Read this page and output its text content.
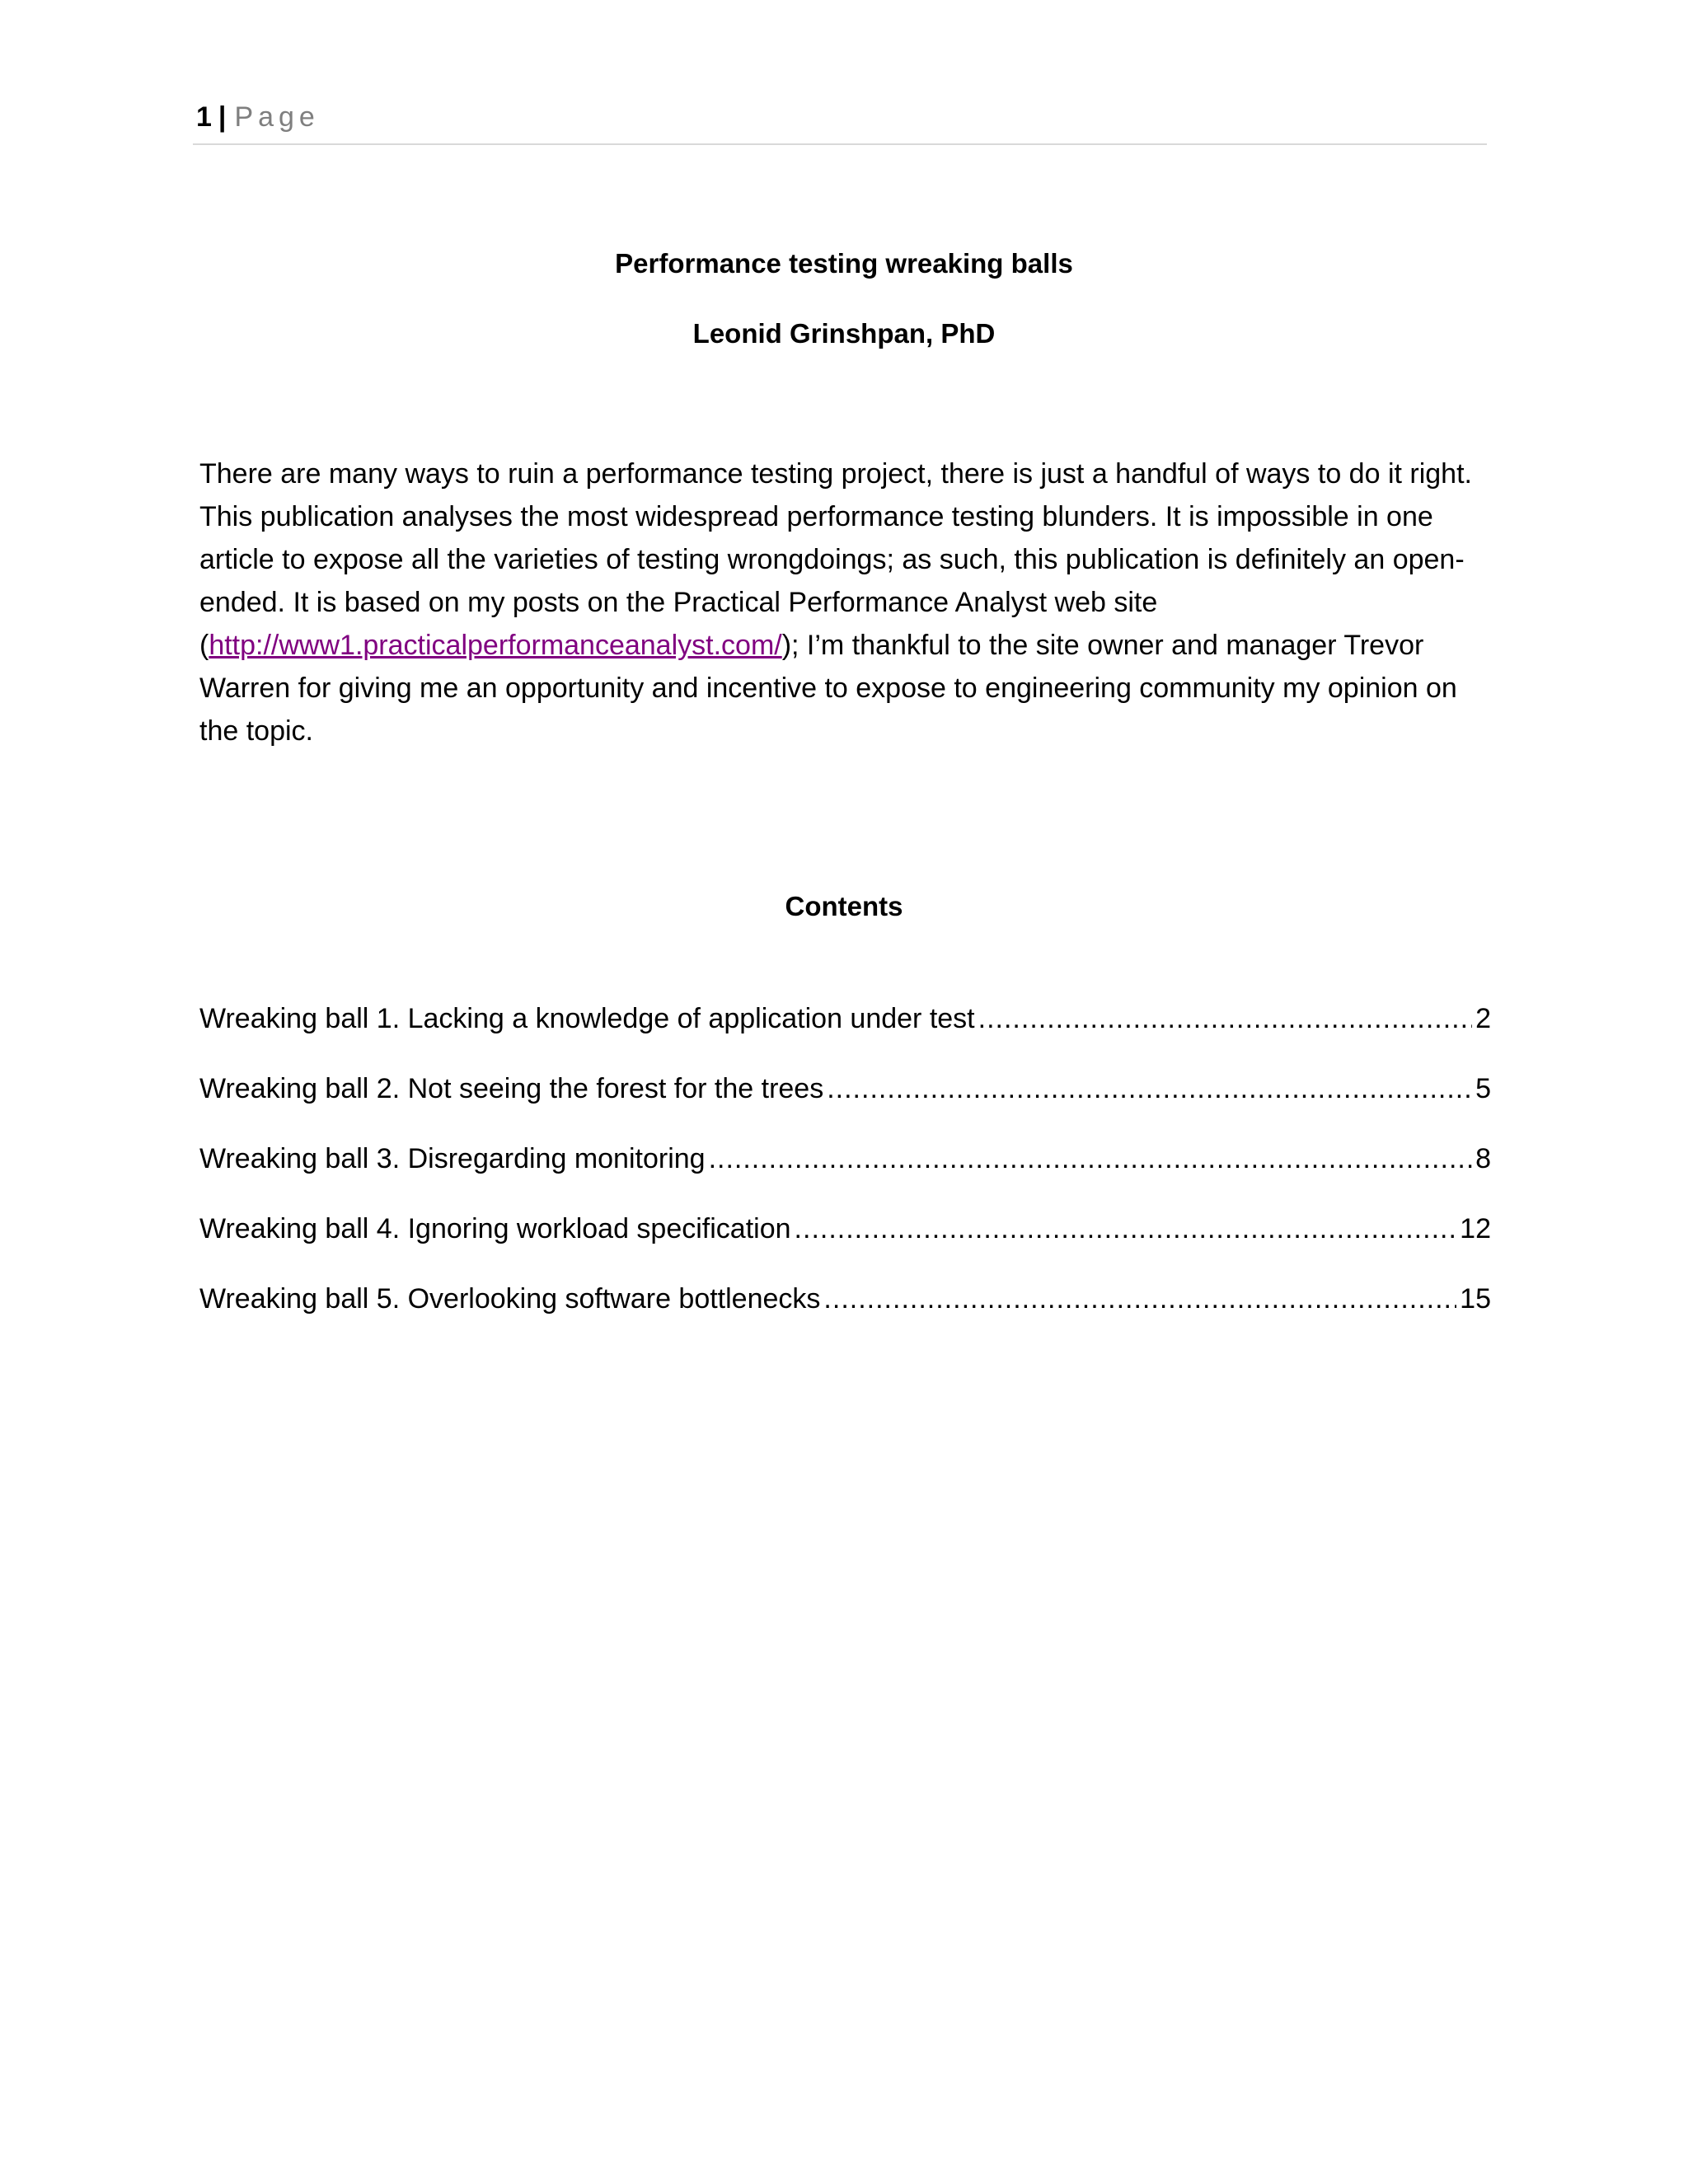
1 | Page
Performance testing wreaking balls
Leonid Grinshpan, PhD

There are many ways to ruin a performance testing project, there is just a handful of ways to do it right.
This publication analyses the most widespread performance testing blunders. It is impossible in one
article to expose all the varieties of testing wrongdoings; as such, this publication is definitely an open-
ended. It is based on my posts on the Practical Performance Analyst web site
(http://www1.practicalperformanceanalyst.com/); I’m thankful to the site owner and manager Trevor
Warren for giving me an opportunity and incentive to expose to engineering community my opinion on
the topic.

Contents
Wreaking ball 1. Lacking a knowledge of application under test .....	2
Wreaking ball 2. Not seeing the forest for the trees .....	5
Wreaking ball 3. Disregarding monitoring .....	8
Wreaking ball 4. Ignoring workload specification .....	12
Wreaking ball 5. Overlooking software bottlenecks .....	15
